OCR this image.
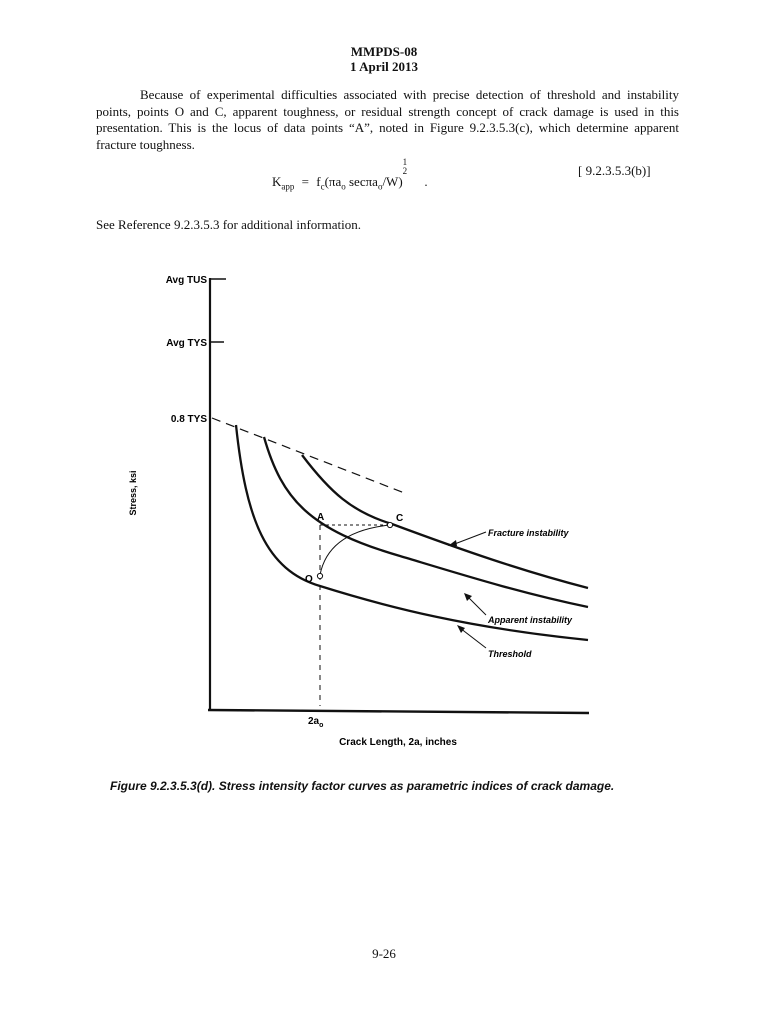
MMPDS-08
1 April 2013
Because of experimental difficulties associated with precise detection of threshold and instability points, points O and C, apparent toughness, or residual strength concept of crack damage is used in this presentation. This is the locus of data points “A”, noted in Figure 9.2.3.5.3(c), which determine apparent fracture toughness.
$K_{app} = f_c(\pi a_o$ secπa$_o$/W)1
2 .
[ 9.2.3.5.3(b)]
See Reference 9.2.3.5.3 for additional information.
Avg TUS
Avg TYS
0.8 TYS
Stress, ksi
A	C
O
Fracture instability
Apparent instability
Threshold
$2a_o$
Crack Length, 2a, inches
Figure 9.2.3.5.3(d). Stress intensity factor curves as parametric indices of crack damage.
9-26
